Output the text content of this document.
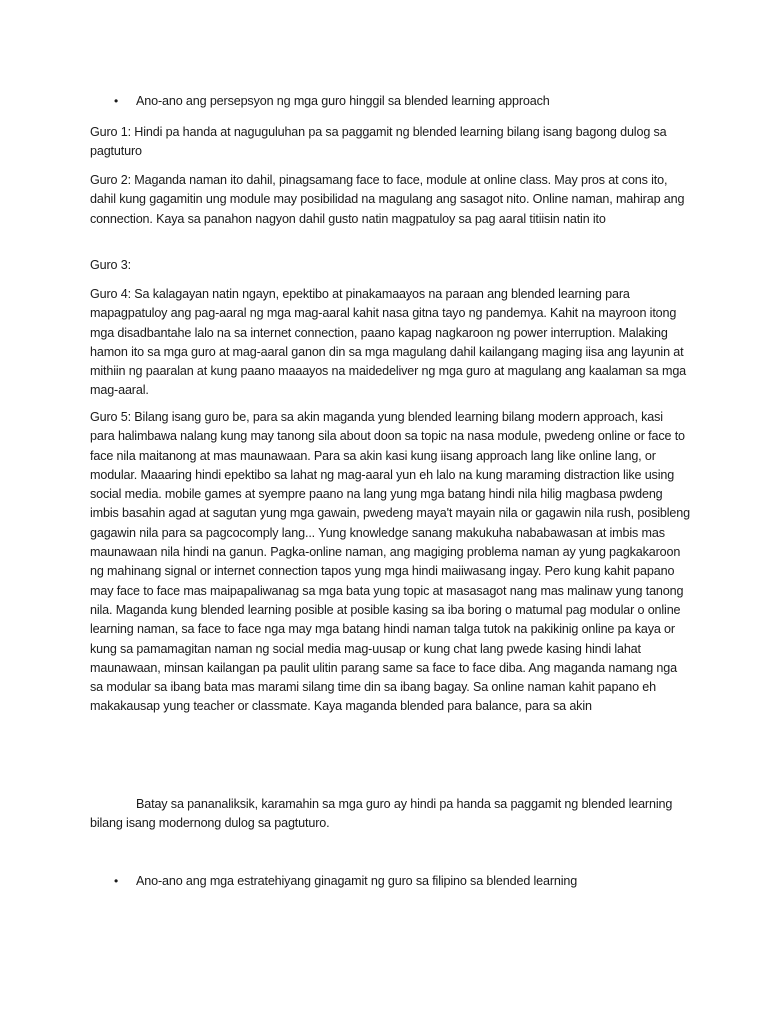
•	Ano-ano ang persepsyon ng mga guro hinggil sa blended learning approach

Guro 1: Hindi pa handa at naguguluhan pa sa paggamit ng blended learning bilang isang bagong dulog sa pagtuturo

Guro 2: Maganda naman ito dahil, pinagsamang face to face, module at online class. May pros at cons ito, dahil kung gagamitin ung module may posibilidad na magulang ang sasagot nito. Online naman, mahirap ang connection. Kaya sa panahon nagyon dahil gusto natin magpatuloy sa pag aaral titiisin natin ito

Guro 3:

Guro 4: Sa kalagayan natin ngayn, epektibo at pinakamaayos na paraan ang blended learning para mapagpatuloy ang pag-aaral ng mga mag-aaral kahit nasa gitna tayo ng pandemya. Kahit na mayroon itong mga disadbantahe lalo na sa internet connection, paano kapag nagkaroon ng power interruption. Malaking hamon ito sa mga guro at mag-aaral ganon din sa mga magulang dahil kailangang maging iisa ang layunin at mithiin ng paaralan at kung paano maaayos na maidedeliver ng mga guro at magulang ang kaalaman sa mga mag-aaral.

Guro 5: Bilang isang guro be, para sa akin maganda yung blended learning bilang modern approach, kasi para halimbawa nalang kung may tanong sila about doon sa topic na nasa module, pwedeng online or face to face nila maitanong at mas maunawaan. Para sa akin kasi kung iisang approach lang like online lang, or modular. Maaaring hindi epektibo sa lahat ng mag-aaral yun eh lalo na kung maraming distraction like using social media. mobile games at syempre paano na lang yung mga batang hindi nila hilig magbasa pwdeng imbis basahin agad at sagutan yung mga gawain, pwedeng maya't mayain nila or gagawin nila rush, posibleng gagawin nila para sa pagcocomply lang... Yung knowledge sanang makukuha nababawasan at imbis mas maunawaan nila hindi na ganun. Pagka-online naman, ang magiging problema naman ay yung pagkakaroon ng mahinang signal or internet connection tapos yung mga hindi maiiwasang ingay. Pero kung kahit papano may face to face mas maipapaliwanag sa mga bata yung topic at masasagot nang mas malinaw yung tanong nila. Maganda kung blended learning posible at posible kasing sa iba boring o matumal pag modular o online learning naman, sa face to face nga may mga batang hindi naman talga tutok na pakikinig online pa kaya or kung sa pamamagitan naman ng social media mag-uusap or kung chat lang pwede kasing hindi lahat maunawaan, minsan kailangan pa paulit ulitin parang same sa face to face diba. Ang maganda namang nga sa modular sa ibang bata mas marami silang time din sa ibang bagay. Sa online naman kahit papano eh makakausap yung teacher or classmate. Kaya maganda blended para balance, para sa akin

Batay sa pananaliksik, karamahin sa mga guro ay hindi pa handa sa paggamit ng blended learning bilang isang modernong dulog sa pagtuturo.

•	Ano-ano ang mga estratehiyang ginagamit ng guro sa filipino sa blended learning
